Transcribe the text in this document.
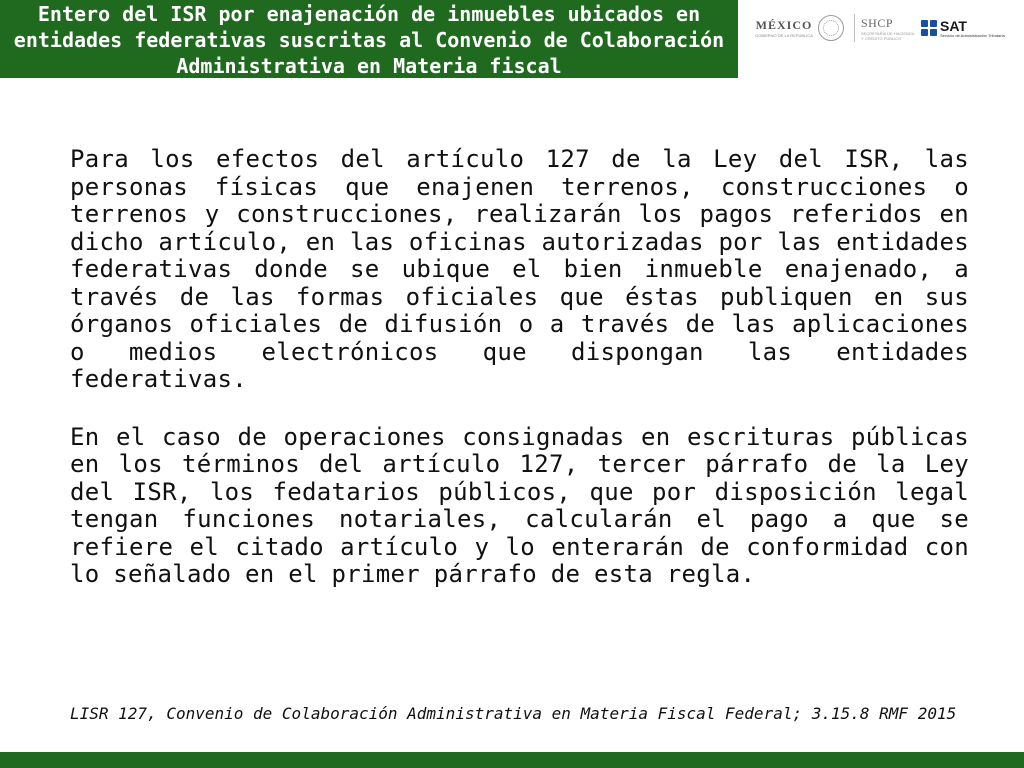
Entero del ISR por enajenación de inmuebles ubicados en entidades federativas suscritas al Convenio de Colaboración Administrativa en Materia fiscal
MÉXICO
GOBIERNO DE LA REPÚBLICA
SHCP
SECRETARÍA DE HACIENDA
Y CRÉDITO PÚBLICO
SAT
Servicio de Administración Tributaria

Para los efectos del artículo 127 de la Ley del ISR, las personas físicas que enajenen terrenos, construcciones o terrenos y construcciones, realizarán los pagos referidos en dicho artículo, en las oficinas autorizadas por las entidades federativas donde se ubique el bien inmueble enajenado, a través de las formas oficiales que éstas publiquen en sus órganos oficiales de difusión o a través de las aplicaciones o medios electrónicos que dispongan las entidades federativas.

En el caso de operaciones consignadas en escrituras públicas en los términos del artículo 127, tercer párrafo de la Ley del ISR, los fedatarios públicos, que por disposición legal tengan funciones notariales, calcularán el pago a que se refiere el citado artículo y lo enterarán de conformidad con lo señalado en el primer párrafo de esta regla.

LISR 127, Convenio de Colaboración Administrativa en Materia Fiscal Federal; 3.15.8 RMF 2015
